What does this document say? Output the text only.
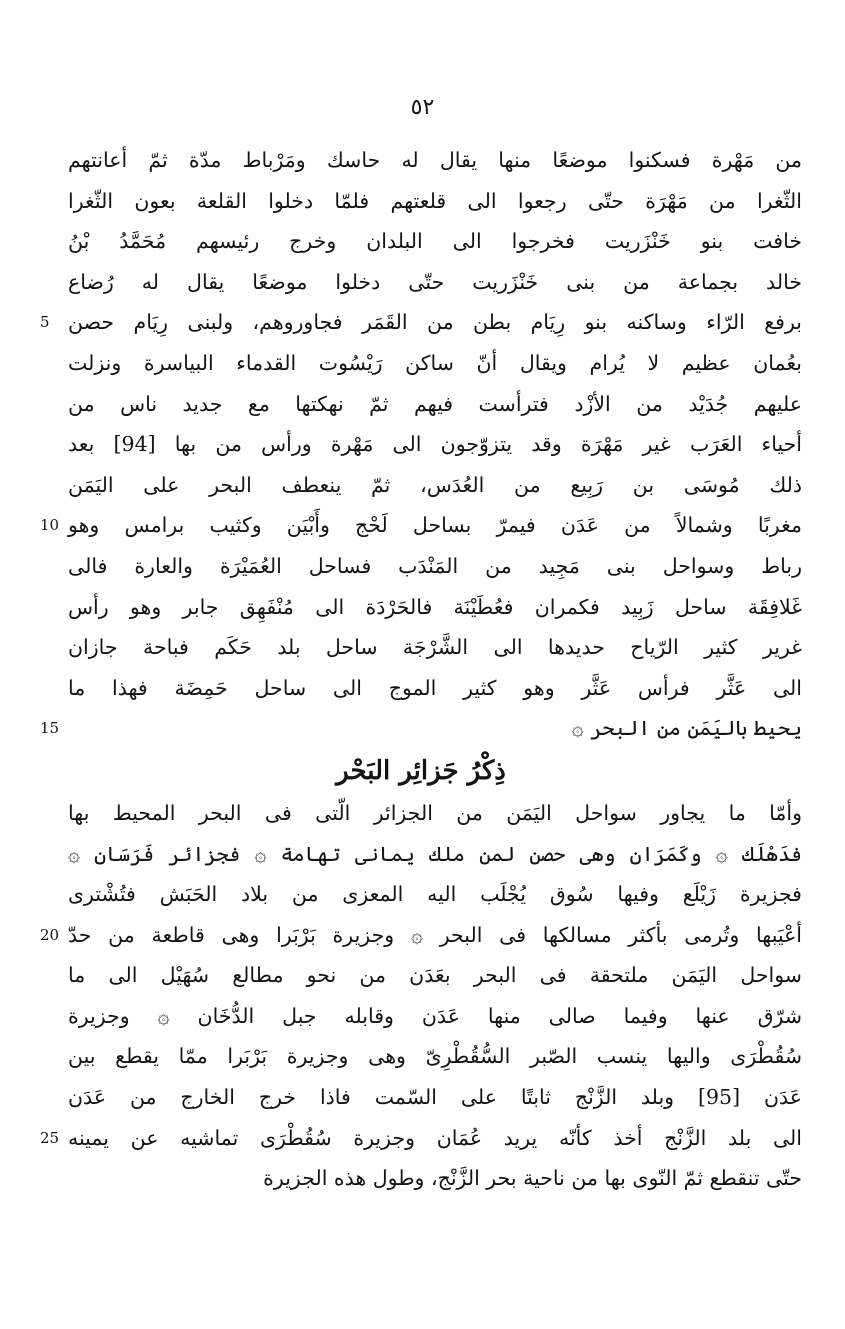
٥٢
من مَهْرة فسكنوا موضعًا منها يقال له حاسك ومَرْباط مدّة ثمّ أعانتهم
الثّغرا من مَهْرَة حتّى رجعوا الى قلعتهم فلمّا دخلوا القلعة بعون الثّغرا
خافت بنو خَنْزَريت فخرجوا الى البلدان وخرج رئيسهم مُحَمَّدُ بْنُ
خالد بجماعة من بنى خَنْزَريت حتّى دخلوا موضعًا يقال له رُضاع
5 برفع الرّاء وساكنه بنو رِيَام بطن من القَمَر فجاوروهم، ولبنى رِيَام حصن
بعُمان عظيم لا يُرام ويقال أنّ ساكن رَيْسُوت القدماء البياسرة ونزلت
عليهم جُدَيْد من الأزْد فترأست فيهم ثمّ نهكتها مع جديد ناس من
أحياء العَرَب غير مَهْرَة وقد يتزوّجون الى مَهْرة ورأس من بها [94] بعد
ذلك مُوسَى بن رَبِيع من العُدَس، ثمّ ينعطف البحر على اليَمَن
10 مغربًا وشمالاً من عَدَن فيمرّ بساحل لَحْج وأَبْيَن وكثيب برامس وهو
رباط وسواحل بنى مَجِيد من المَنْدَب فساحل العُمَيْرَة والعارة فالى
غَلافِقَة ساحل زَبِيد فكمران فعُطَيْنَة فالحَرْدَة الى مُنْفَهِق جابر وهو رأس
غرير كثير الرّياح حديدها الى الشَّرْجَة ساحل بلد حَكَم فباحة جازان
الى عَثَّر فرأس عَثَّر وهو كثير الموج الى ساحل حَمِضَة فهذا ما
15	يحيط باليَمَن من البحر ۞
ذِكْرُ جَزائِر البَحْر
وأمّا ما يجاور سواحل اليَمَن من الجزائر الّتى فى البحر المحيط بها
فدَهْلَك ۞ وكَمَرَان وهى حصن لمن ملك يمانى تهامة ۞ فجزائر فَرَسَان ۞
فجزيرة زَيْلَع وفيها سُوق يُجْلَب اليه المعزى من بلاد الحَبَش فتُشْترى
20 أعْيَبها وتُرمى بأكثر مسالكها فى البحر ۞ وجزيرة بَرْبَرا وهى قاطعة من حدّ
سواحل اليَمَن ملتحقة فى البحر بعَدَن من نحو مطالع سُهَيْل الى ما
شرّق عنها وفيما صالى منها عَدَن وقابله جبل الدُّخَان ۞ وجزيرة
سُقُطْرَى واليها ينسب الصّبر السُّقُطْرِىّ وهى وجزيرة بَرْبَرا ممّا يقطع بين
عَدَن [95] وبلد الزَّنْج ثابتًا على السّمت فاذا خرج الخارج من عَدَن
25 الى بلد الزَّنْج أخذ كأنّه يريد عُمَان وجزيرة سُقُطْرَى تماشيه عن يمينه
حتّى تنقطع ثمّ النّوى بها من ناحية بحر الزَّنْج، وطول هذه الجزيرة
